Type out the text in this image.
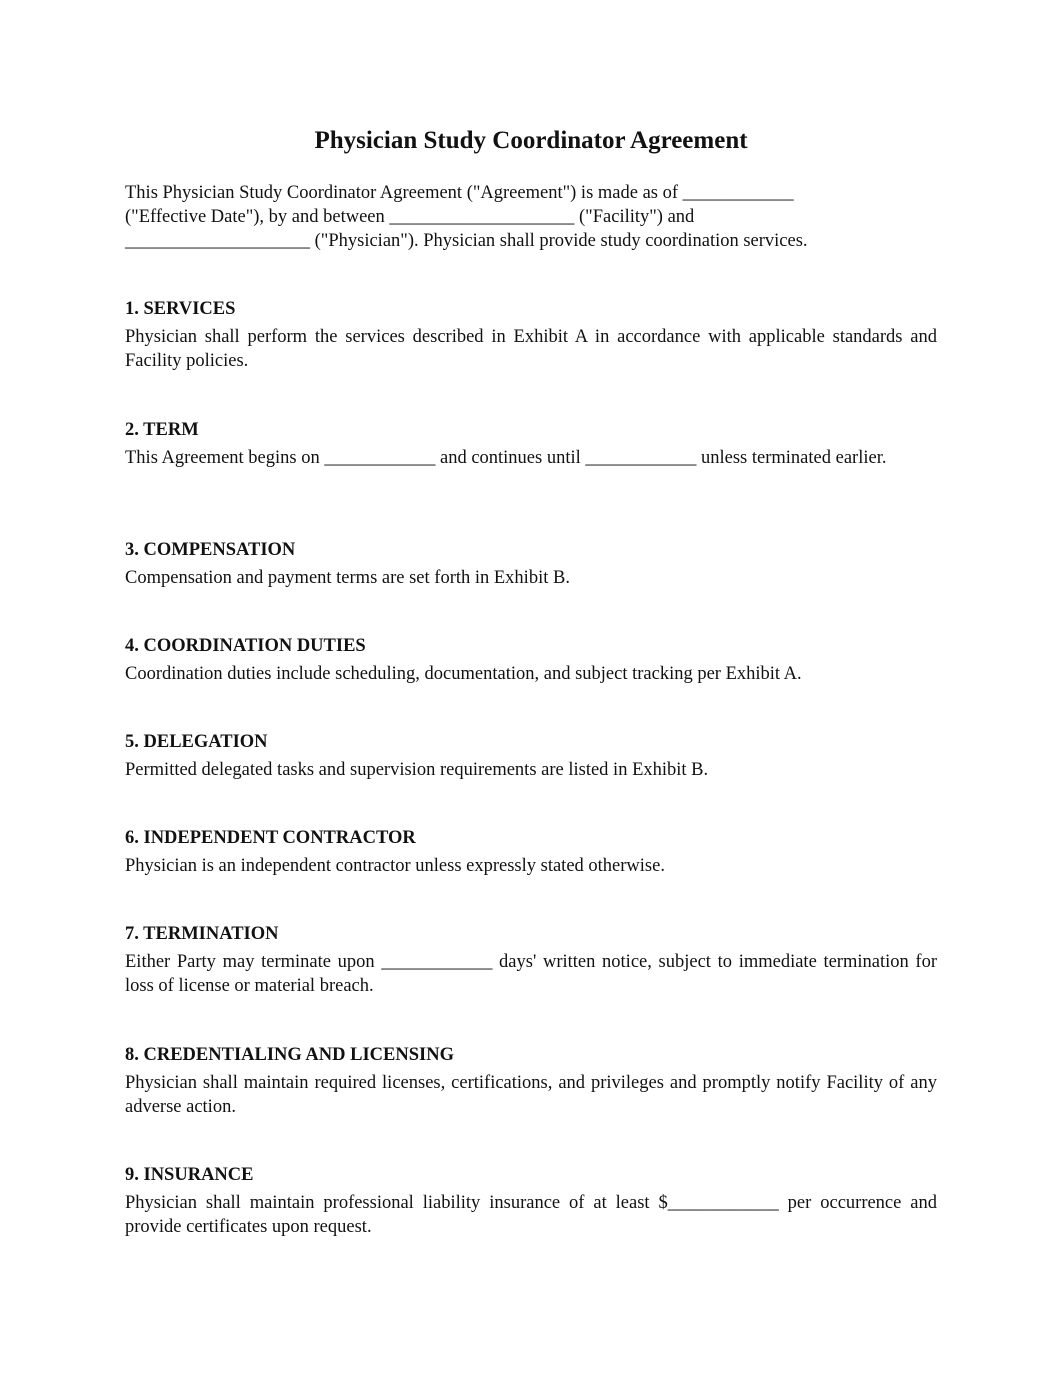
Physician Study Coordinator Agreement
This Physician Study Coordinator Agreement ("Agreement") is made as of ____________
("Effective Date"), by and between ____________________ ("Facility") and
____________________ ("Physician"). Physician shall provide study coordination services.
1. SERVICES
Physician shall perform the services described in Exhibit A in accordance with applicable standards and Facility policies.
2. TERM
This Agreement begins on ____________ and continues until ____________ unless terminated earlier.
3. COMPENSATION
Compensation and payment terms are set forth in Exhibit B.
4. COORDINATION DUTIES
Coordination duties include scheduling, documentation, and subject tracking per Exhibit A.
5. DELEGATION
Permitted delegated tasks and supervision requirements are listed in Exhibit B.
6. INDEPENDENT CONTRACTOR
Physician is an independent contractor unless expressly stated otherwise.
7. TERMINATION
Either Party may terminate upon ____________ days' written notice, subject to immediate termination for loss of license or material breach.
8. CREDENTIALING AND LICENSING
Physician shall maintain required licenses, certifications, and privileges and promptly notify Facility of any adverse action.
9. INSURANCE
Physician shall maintain professional liability insurance of at least $____________ per occurrence and provide certificates upon request.
